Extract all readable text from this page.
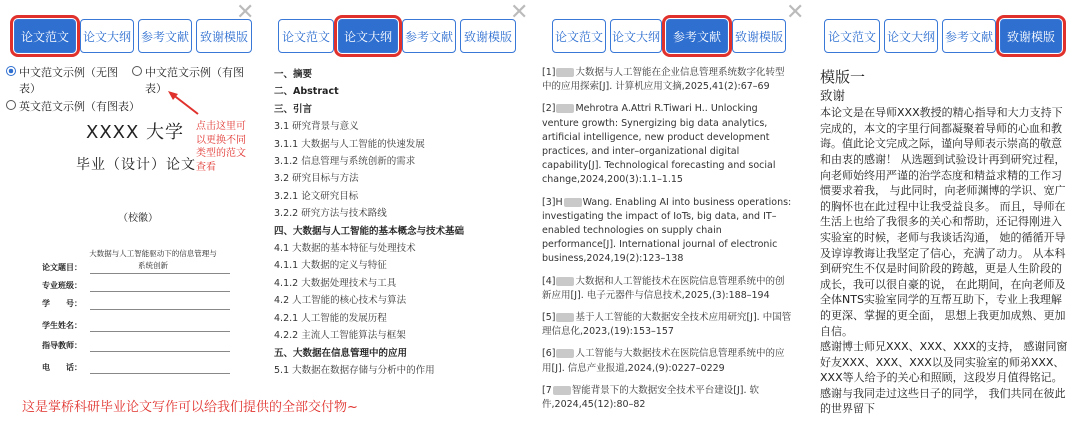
论文范文	论文大纲 参考文献 致谢模版
中文范文示例（无图表）
中文范文示例（有图表）
英文范文示例（有图表）
XXXX 大学
毕业（设计）论文
（校徽）
大数据与人工智能驱动下的信息管理与系统创新
论文题目：
专业班级：
学　　号：
学生姓名：
指导教师：
电　　话：
点击这里可以更换不同类型的范文查看
✕
论文范文	论文大纲	参考文献 致谢模版
一、摘要
二、Abstract
三、引言
3.1 研究背景与意义
3.1.1 大数据与人工智能的快速发展
3.1.2 信息管理与系统创新的需求
3.2 研究目标与方法
3.2.1 论文研究目标
3.2.2 研究方法与技术路线
四、大数据与人工智能的基本概念与技术基础
4.1 大数据的基本特征与处理技术
4.1.1 大数据的定义与特征
4.1.2 大数据处理技术与工具
4.2 人工智能的核心技术与算法
4.2.1 人工智能的发展历程
4.2.2 主流人工智能算法与框架
五、大数据在信息管理中的应用
5.1 大数据在数据存储与分析中的作用
✕
论文范文 论文大纲	参考文献	致谢模版

[1] 大数据与人工智能在企业信息管理系统数字化转型中的应用探索[J]. 计算机应用文摘,2025,41(2):67–69

[2] Mehrotra A.Attri R.Tiwari H.. Unlocking venture growth: Synergizing big data analytics, artificial intelligence, new product development practices, and inter–organizational digital capability[J]. Technological forecasting and social change,2024,200(3):1.1–1.15

[3]H Wang. Enabling AI into business operations: investigating the impact of IoTs, big data, and IT–enabled technologies on supply chain performance[J]. International journal of electronic business,2024,19(2):123–138

[4] 大数据和人工智能技术在医院信息管理系统中的创新应用[J]. 电子元器件与信息技术,2025,(3):188–194

[5] 基于人工智能的大数据安全技术应用研究[J]. 中国管理信息化,2023,(19):153–157

[6] 人工智能与大数据技术在医院信息管理系统中的应用[J]. 信息产业报道,2024,(9):0227–0229

[7 智能背景下的大数据安全技术平台建设[J]. 软件,2024,45(12):80–82

✕
论文范文 论文大纲 参考文献	致谢模版
模版一
致谢

本论文是在导师XXX教授的精心指导和大力支持下完成的，本文的字里行间都凝聚着导师的心血和教诲。值此论文完成之际，谨向导师表示崇高的敬意和由衷的感谢！ 从选题到试验设计再到研究过程，向老师始终用严谨的治学态度和精益求精的工作习惯要求着我， 与此同时，向老师渊博的学识、宽广的胸怀也在此过程中让我受益良多。 而且，导师在生活上也给了我很多的关心和帮助，还记得刚进入实验室的时候，老师与我谈话沟通， 她的循循开导及谆谆教诲让我坚定了信心，充满了动力。 从本科到研究生不仅是时间阶段的跨越，更是人生阶段的成长，我可以很自豪的说， 在此期间，在向老师及全体NTS实验室同学的互帮互助下，专业上我理解的更深、掌握的更全面， 思想上我更加成熟、更加自信。

感谢博士师兄XXX、XXX、XXX的支持， 感谢同窗好友XXX、XXX、XXX以及同实验室的师弟XXX、XXX等人给予的关心和照顾，这段岁月值得铭记。 感谢与我同走过这些日子的同学， 我们共同在彼此的世界留下

这是掌桥科研毕业论文写作可以给我们提供的全部交付物~
